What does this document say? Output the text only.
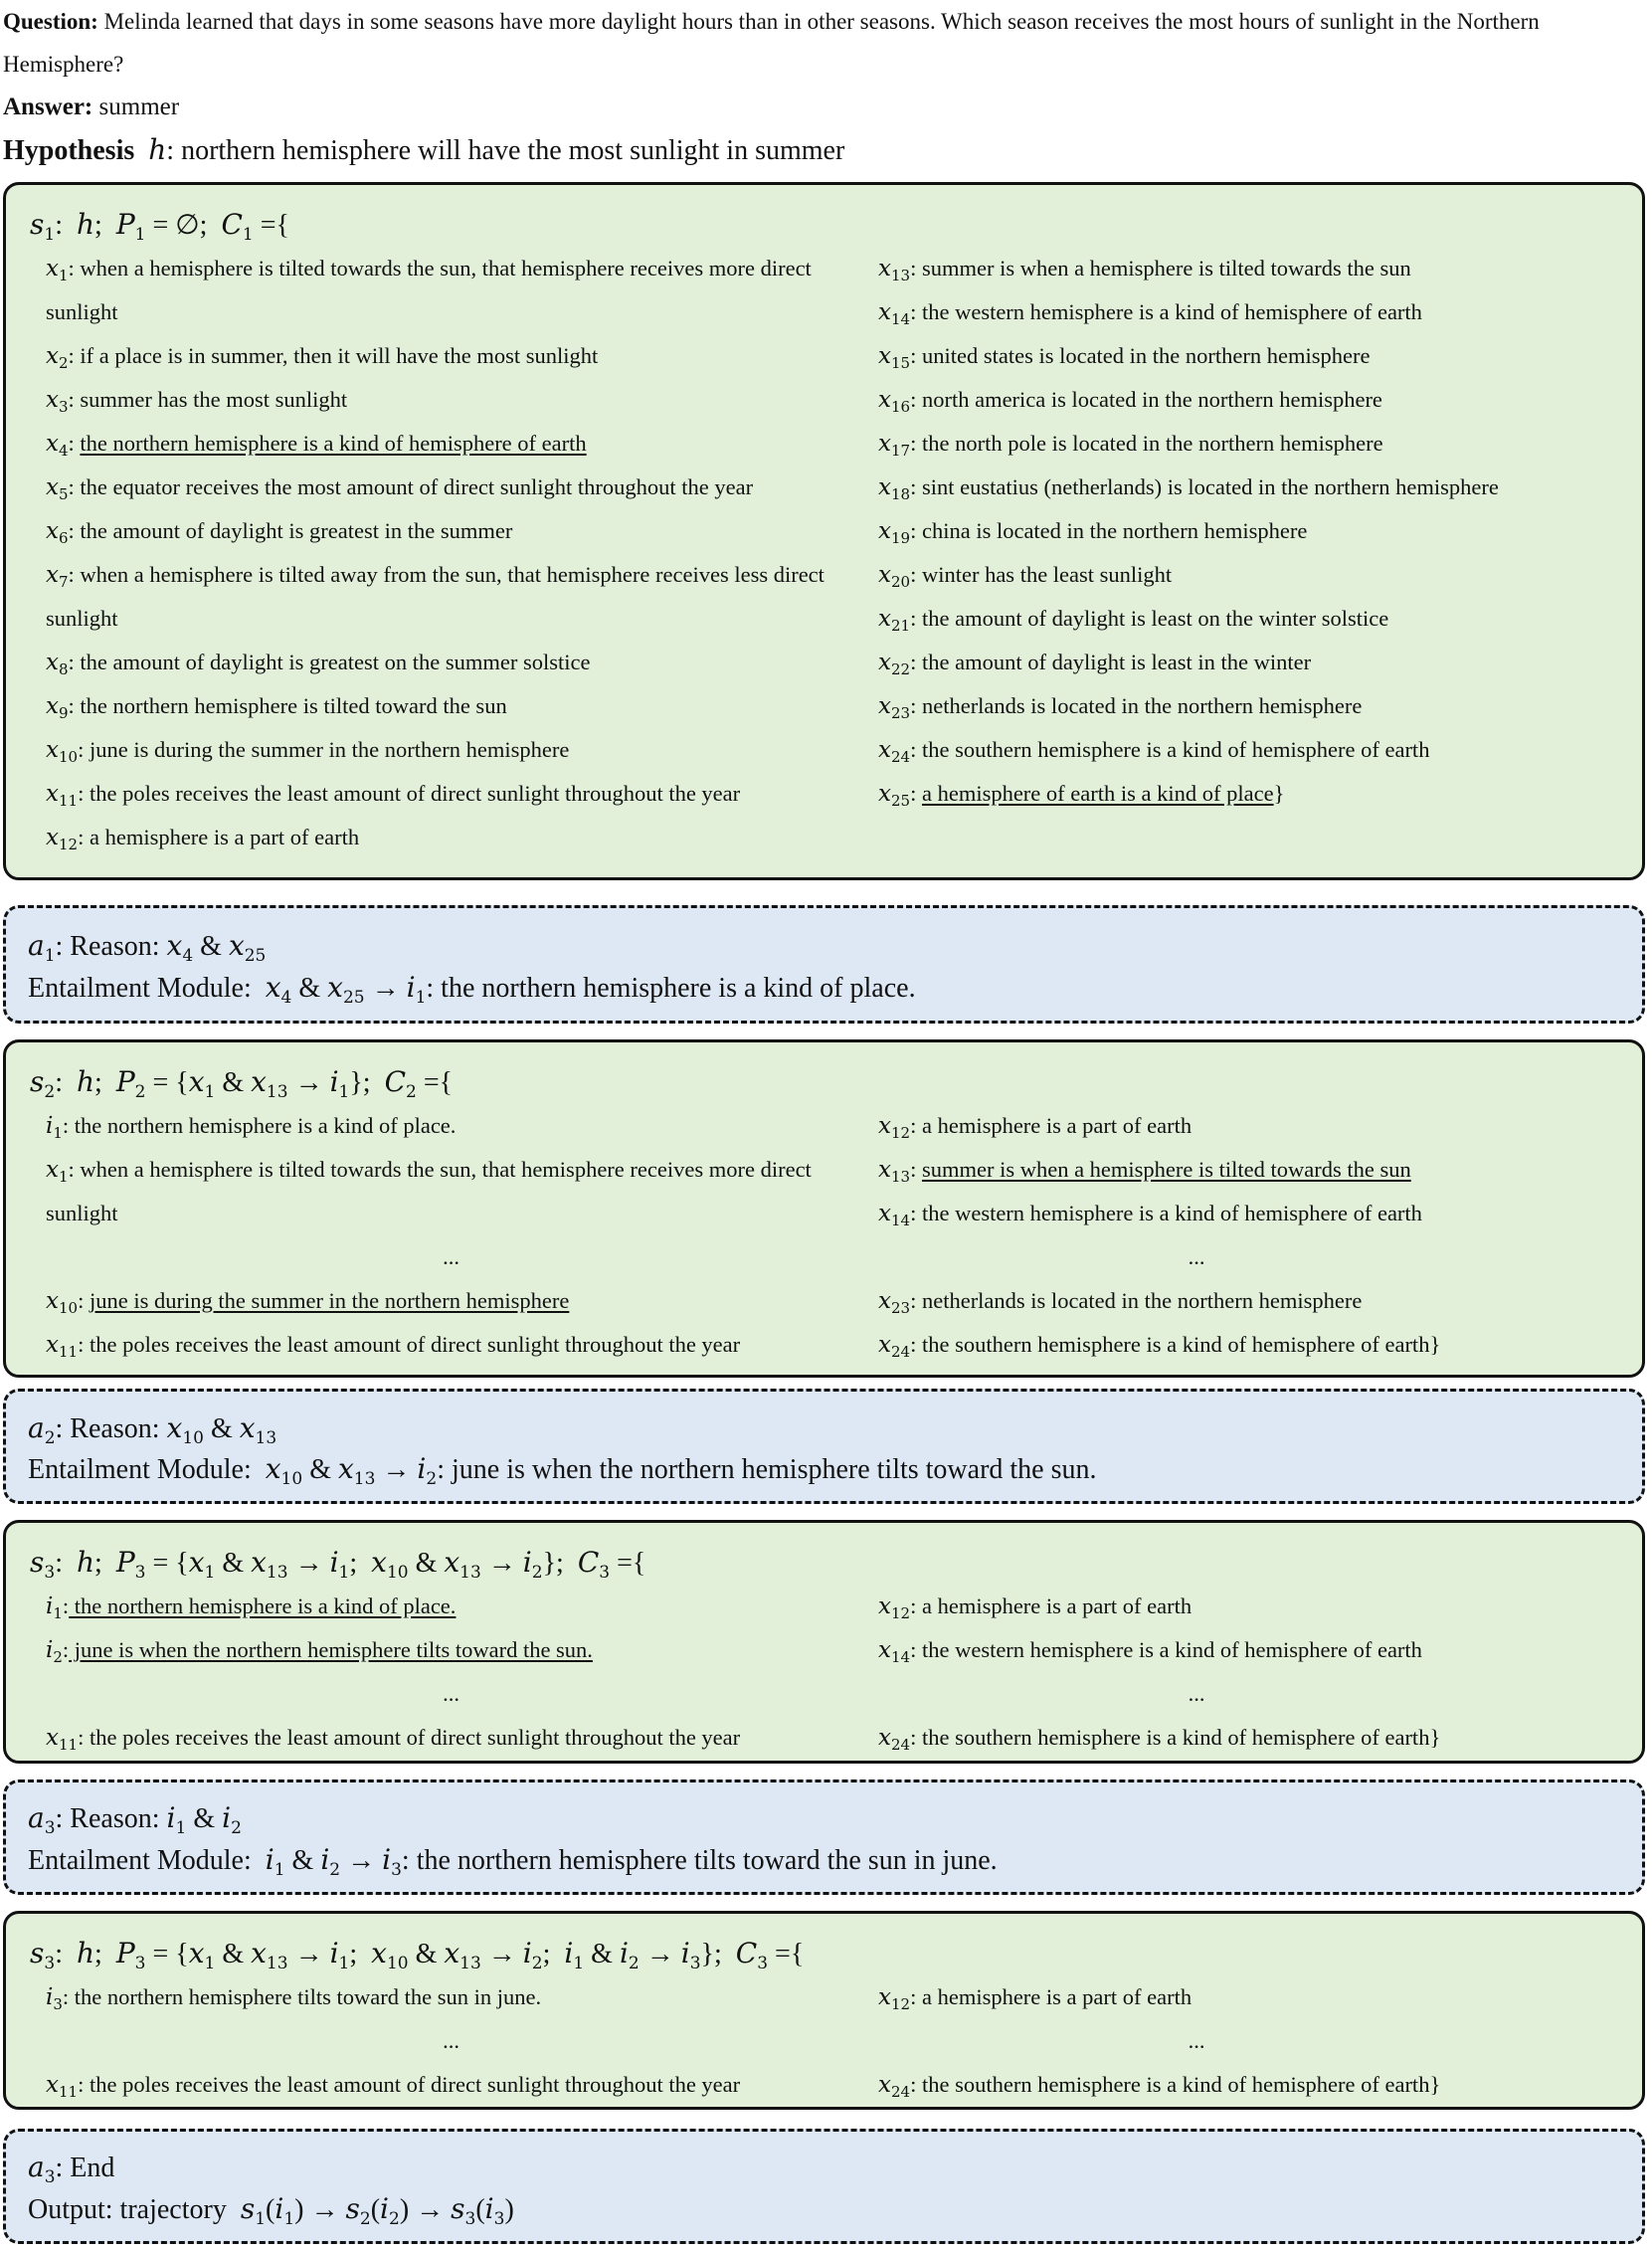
Question: Melinda learned that days in some seasons have more daylight hours than in other seasons. Which season receives the most hours of sunlight in the Northern Hemisphere?

Answer: summer

Hypothesis h: northern hemisphere will have the most sunlight in summer

$s_1$:  h;  $P_1$ = ∅;  $C_1$ ={
$x_1$: when a hemisphere is tilted towards the sun, that hemisphere receives more direct sunlight
$x_2$: if a place is in summer, then it will have the most sunlight
$x_3$: summer has the most sunlight
$x_4$: the northern hemisphere is a kind of hemisphere of earth
$x_5$: the equator receives the most amount of direct sunlight throughout the year
$x_6$: the amount of daylight is greatest in the summer
$x_7$: when a hemisphere is tilted away from the sun, that hemisphere receives less direct sunlight
$x_8$: the amount of daylight is greatest on the summer solstice
$x_9$: the northern hemisphere is tilted toward the sun
$x_{10}$: june is during the summer in the northern hemisphere
$x_{11}$: the poles receives the least amount of direct sunlight throughout the year
$x_{12}$: a hemisphere is a part of earth
$x_{13}$: summer is when a hemisphere is tilted towards the sun
$x_{14}$: the western hemisphere is a kind of hemisphere of earth
$x_{15}$: united states is located in the northern hemisphere
$x_{16}$: north america is located in the northern hemisphere
$x_{17}$: the north pole is located in the northern hemisphere
$x_{18}$: sint eustatius (netherlands) is located in the northern hemisphere
$x_{19}$: china is located in the northern hemisphere
$x_{20}$: winter has the least sunlight
$x_{21}$: the amount of daylight is least on the winter solstice
$x_{22}$: the amount of daylight is least in the winter
$x_{23}$: netherlands is located in the northern hemisphere
$x_{24}$: the southern hemisphere is a kind of hemisphere of earth
$x_{25}$: a hemisphere of earth is a kind of place}
$a_1$: Reason: $x_4$ & $x_{25}$
Entailment Module: $x_4$ & $x_{25} \to i_1$: the northern hemisphere is a kind of place.
$s_2$:  h;  $P_2 = \{x_1$ & $x_{13} \to i_1$};  $C_2$ ={
$i_1$: the northern hemisphere is a kind of place.
$x_1$: when a hemisphere is tilted towards the sun, that hemisphere receives more direct sunlight
...
$x_{10}$: june is during the summer in the northern hemisphere
$x_{11}$: the poles receives the least amount of direct sunlight throughout the year
$x_{12}$: a hemisphere is a part of earth
$x_{13}$: summer is when a hemisphere is tilted towards the sun
$x_{14}$: the western hemisphere is a kind of hemisphere of earth
...
$x_{23}$: netherlands is located in the northern hemisphere
$x_{24}$: the southern hemisphere is a kind of hemisphere of earth}
$a_2$: Reason: $x_{10}$ & $x_{13}$
Entailment Module: $x_{10}$ & $x_{13} \to i_2$: june is when the northern hemisphere tilts toward the sun.
$s_3$:  h;  $P_3 = \{x_1$ & $x_{13} \to i_1$;  $x_{10}$ & $x_{13} \to i_2$};  $C_3$ ={
$i_1$: the northern hemisphere is a kind of place.
$i_2$: june is when the northern hemisphere tilts toward the sun.
...
$x_{11}$: the poles receives the least amount of direct sunlight throughout the year
$x_{12}$: a hemisphere is a part of earth
$x_{14}$: the western hemisphere is a kind of hemisphere of earth
...
$x_{24}$: the southern hemisphere is a kind of hemisphere of earth}
$a_3$: Reason: $i_1$ & $i_2$
Entailment Module: $i_1$ & $i_2 \to i_3$: the northern hemisphere tilts toward the sun in june.
$s_3$:  h;  $P_3 = \{x_1$ & $x_{13} \to i_1$;  $x_{10}$ & $x_{13} \to i_2$;  $i_1$ & $i_2 \to i_3$};  $C_3$ ={
$i_3$: the northern hemisphere tilts toward the sun in june.
...
$x_{11}$: the poles receives the least amount of direct sunlight throughout the year
$x_{12}$: a hemisphere is a part of earth
...
$x_{24}$: the southern hemisphere is a kind of hemisphere of earth}
$a_3$: End
Output: trajectory $s_1(i_1) \to s_2(i_2) \to s_3(i_3)$
